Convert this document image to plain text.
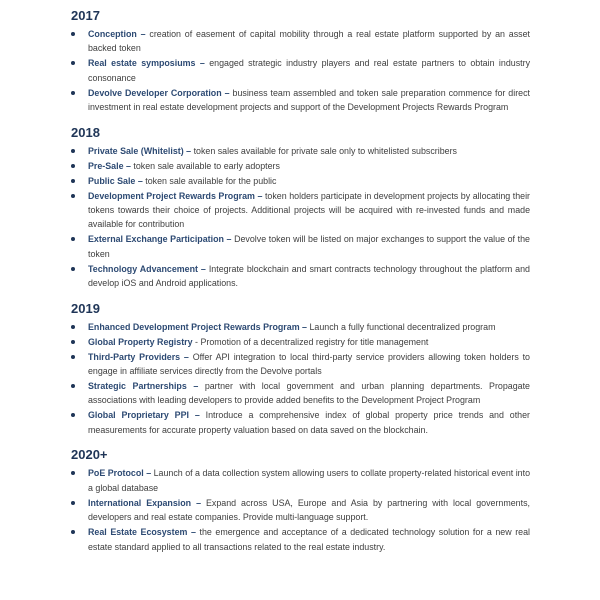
2017
Conception – creation of easement of capital mobility through a real estate platform supported by an asset backed token
Real estate symposiums – engaged strategic industry players and real estate partners to obtain industry consonance
Devolve Developer Corporation – business team assembled and token sale preparation commence for direct investment in real estate development projects and support of the Development Projects Rewards Program
2018
Private Sale (Whitelist) – token sales available for private sale only to whitelisted subscribers
Pre-Sale – token sale available to early adopters
Public Sale – token sale available for the public
Development Project Rewards Program – token holders participate in development projects by allocating their tokens towards their choice of projects. Additional projects will be acquired with re-invested funds and made available for contribution
External Exchange Participation – Devolve token will be listed on major exchanges to support the value of the token
Technology Advancement – Integrate blockchain and smart contracts technology throughout the platform and develop iOS and Android applications.
2019
Enhanced Development Project Rewards Program – Launch a fully functional decentralized program
Global Property Registry - Promotion of a decentralized registry for title management
Third-Party Providers – Offer API integration to local third-party service providers allowing token holders to engage in affiliate services directly from the Devolve portals
Strategic Partnerships – partner with local government and urban planning departments. Propagate associations with leading developers to provide added benefits to the Development Project Program
Global Proprietary PPI – Introduce a comprehensive index of global property price trends and other measurements for accurate property valuation based on data saved on the blockchain.
2020+
PoE Protocol – Launch of a data collection system allowing users to collate property-related historical event into a global database
International Expansion – Expand across USA, Europe and Asia by partnering with local governments, developers and real estate companies. Provide multi-language support.
Real Estate Ecosystem – the emergence and acceptance of a dedicated technology solution for a new real estate standard applied to all transactions related to the real estate industry.
